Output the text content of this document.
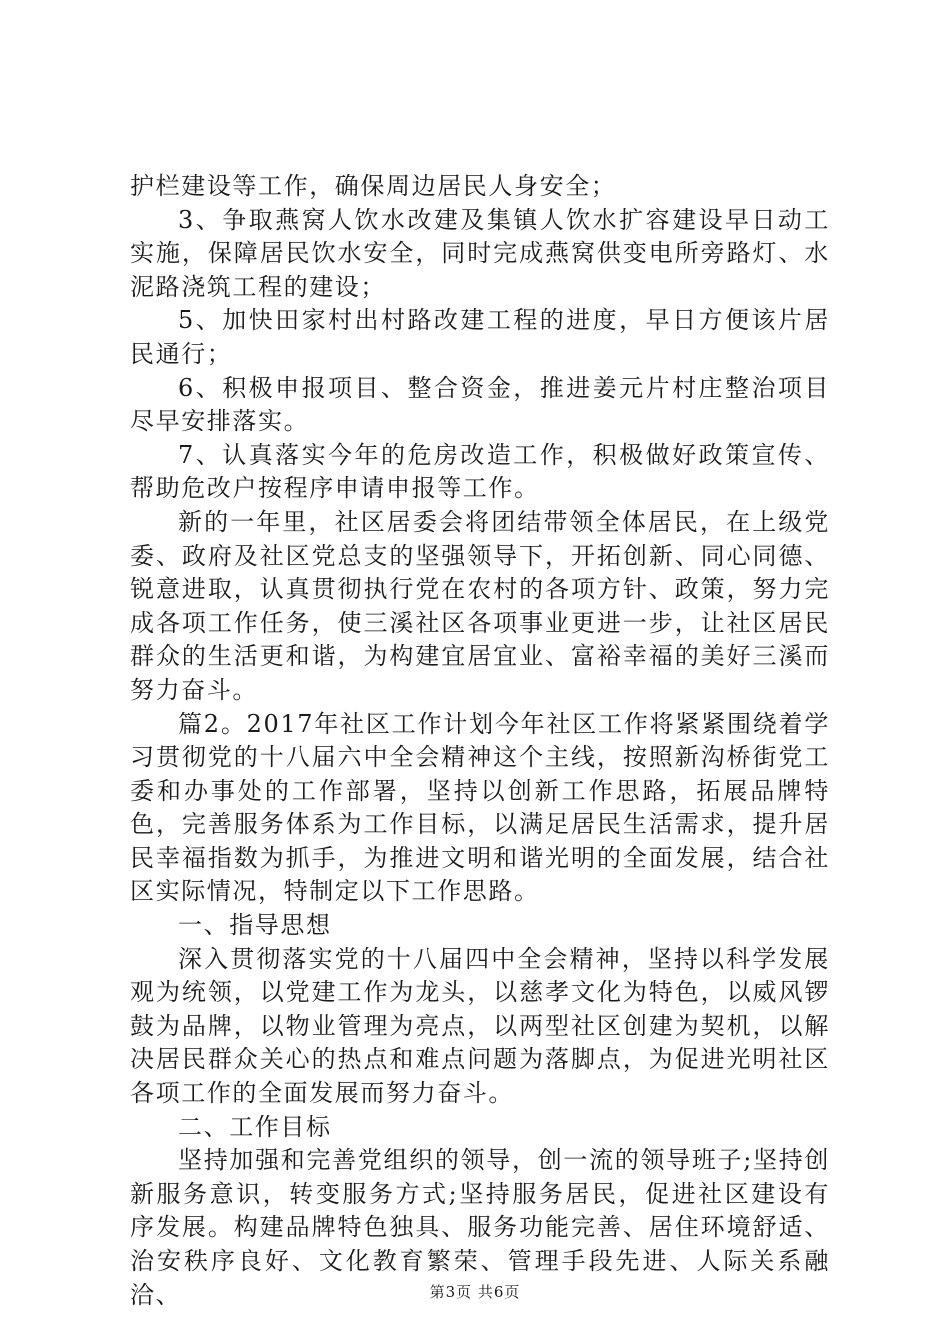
护栏建设等工作，确保周边居民人身安全；

3、争取燕窝人饮水改建及集镇人饮水扩容建设早日动工实施，保障居民饮水安全，同时完成燕窝供变电所旁路灯、水泥路浇筑工程的建设；

5、加快田家村出村路改建工程的进度，早日方便该片居民通行；

6、积极申报项目、整合资金，推进姜元片村庄整治项目尽早安排落实。

7、认真落实今年的危房改造工作，积极做好政策宣传、帮助危改户按程序申请申报等工作。

新的一年里，社区居委会将团结带领全体居民，在上级党委、政府及社区党总支的坚强领导下，开拓创新、同心同德、锐意进取，认真贯彻执行党在农村的各项方针、政策，努力完成各项工作任务，使三溪社区各项事业更进一步，让社区居民群众的生活更和谐，为构建宜居宜业、富裕幸福的美好三溪而努力奋斗。

篇2。2017年社区工作计划今年社区工作将紧紧围绕着学习贯彻党的十八届六中全会精神这个主线，按照新沟桥街党工委和办事处的工作部署，坚持以创新工作思路，拓展品牌特色，完善服务体系为工作目标，以满足居民生活需求，提升居民幸福指数为抓手，为推进文明和谐光明的全面发展，结合社区实际情况，特制定以下工作思路。

一、指导思想

深入贯彻落实党的十八届四中全会精神，坚持以科学发展观为统领，以党建工作为龙头，以慈孝文化为特色，以威风锣鼓为品牌，以物业管理为亮点，以两型社区创建为契机，以解决居民群众关心的热点和难点问题为落脚点，为促进光明社区各项工作的全面发展而努力奋斗。

二、工作目标

坚持加强和完善党组织的领导，创一流的领导班子;坚持创新服务意识，转变服务方式;坚持服务居民，促进社区建设有序发展。构建品牌特色独具、服务功能完善、居住环境舒适、治安秩序良好、文化教育繁荣、管理手段先进、人际关系融洽、	第3页 共6页
